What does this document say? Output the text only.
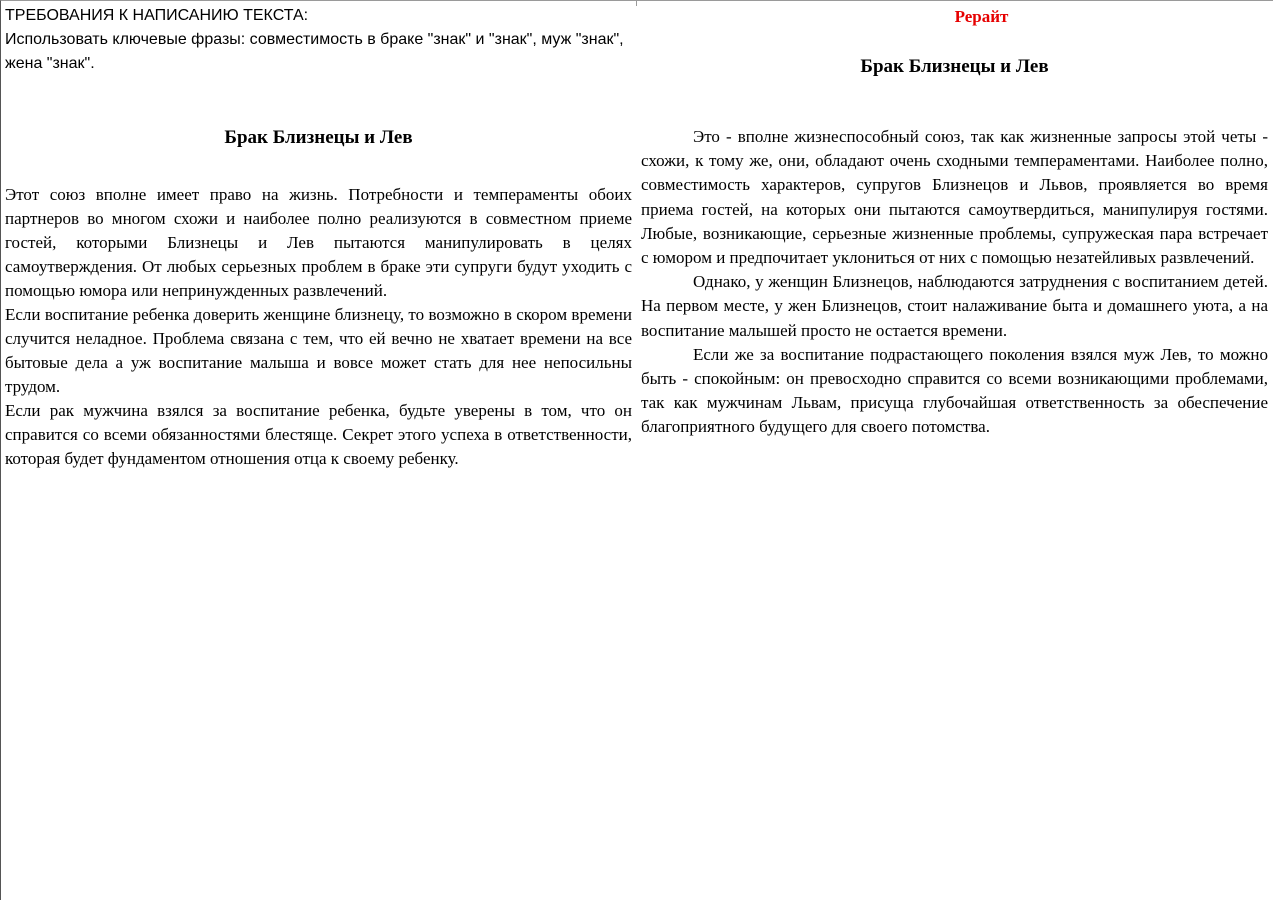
ТРЕБОВАНИЯ К НАПИСАНИЮ ТЕКСТА:
Использовать ключевые фразы: совместимость в браке "знак" и "знак", муж "знак", жена "знак".
Брак Близнецы и Лев

Этот союз вполне имеет право на жизнь. Потребности и темпераменты обоих партнеров во многом схожи и наиболее полно реализуются в совместном приеме гостей, которыми Близнецы и Лев пытаются манипулировать в целях самоутверждения. От любых серьезных проблем в браке эти супруги будут уходить с помощью юмора или непринужденных развлечений.

Если воспитание ребенка доверить женщине близнецу, то возможно в скором времени случится неладное. Проблема связана с тем, что ей вечно не хватает времени на все бытовые дела а уж воспитание малыша и вовсе может стать для нее непосильны трудом.

Если рак мужчина взялся за воспитание ребенка, будьте уверены в том, что он справится со всеми обязанностями блестяще. Секрет этого успеха в ответственности, которая будет фундаментом отношения отца к своему ребенку.

Рерайт
Брак Близнецы и Лев

Это - вполне жизнеспособный союз, так как жизненные запросы этой четы - схожи, к тому же, они, обладают очень сходными темпераментами. Наиболее полно, совместимость характеров, супругов Близнецов и Львов, проявляется во время приема гостей, на которых они пытаются самоутвердиться, манипулируя гостями. Любые, возникающие, серьезные жизненные проблемы, супружеская пара встречает с юмором и предпочитает уклониться от них с помощью незатейливых развлечений.

Однако, у женщин Близнецов, наблюдаются затруднения с воспитанием детей. На первом месте, у жен Близнецов, стоит налаживание быта и домашнего уюта, а на воспитание малышей просто не остается времени.

Если же за воспитание подрастающего поколения взялся муж Лев, то можно быть - спокойным: он превосходно справится со всеми возникающими проблемами, так как мужчинам Львам, присуща глубочайшая ответственность за обеспечение благоприятного будущего для своего потомства.
